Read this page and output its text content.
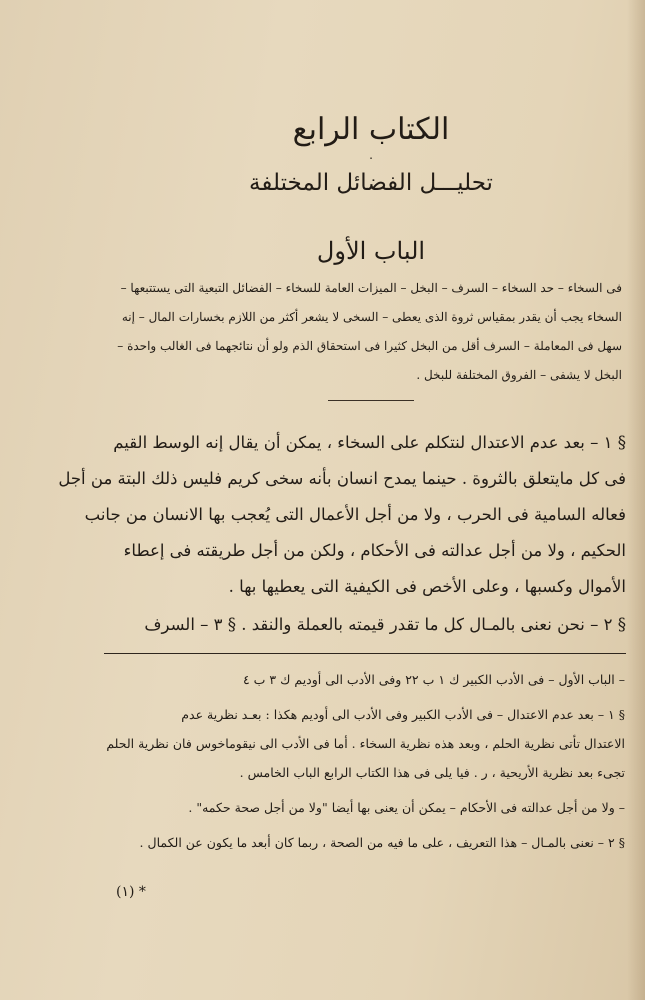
الكتاب الرابع
.
تحليـــل الفضائل المختلفة
الباب الأول
فى السخاء – حد السخاء – السرف – البخل – الميزات العامة للسخاء – الفضائل التبعية التى يستتبعها –
السخاء يجب أن يقدر بمقياس ثروة الذى يعطى – السخى لا يشعر أكثر من اللازم بخسارات المال – إنه
سهل فى المعاملة – السرف أقل من البخل كثيرا فى استحقاق الذم ولو أن نتائجهما فى الغالب واحدة –
البخل لا يشفى – الفروق المختلفة للبخل .
§ ١ – بعد عدم الاعتدال لنتكلم على السخاء ، يمكن أن يقال إنه الوسط القيم
فى كل مايتعلق بالثروة . حينما يمدح انسان بأنه سخى كريم فليس ذلك البتة من أجل
فعاله السامية فى الحرب ، ولا من أجل الأعمال التى يُعجب بها الانسان من جانب
الحكيم ، ولا من أجل عدالته فى الأحكام ، ولكن من أجل طريقته فى إعطاء
الأموال وكسبها ، وعلى الأخص فى الكيفية التى يعطيها بها .
§ ٢ – نحن نعنى بالمـال كل ما تقدر قيمته بالعملة والنقد . § ٣ – السرف
– الباب الأول – فى الأدب الكبير ك ١ ب ٢٢ وفى الأدب الى أوديم ك ٣ ب ٤
§ ١ – بعد عدم الاعتدال – فى الأدب الكبير وفى الأدب الى أوديم هكذا : بعـد نظرية عدم
الاعتدال تأتى نظرية الحلم ، وبعد هذه نظرية السخاء . أما فى الأدب الى نيقوماخوس فان نظرية الحلم
تجىء بعد نظرية الأريحية ، ر . فيا يلى فى هذا الكتاب الرابع الباب الخامس .
– ولا من أجل عدالته فى الأحكام – يمكن أن يعنى بها أيضا "ولا من أجل صحة حكمه" .
§ ٢ – نعنى بالمـال – هذا التعريف ، على ما فيه من الصحة ، ربما كان أبعد ما يكون عن الكمال .
(١) *
